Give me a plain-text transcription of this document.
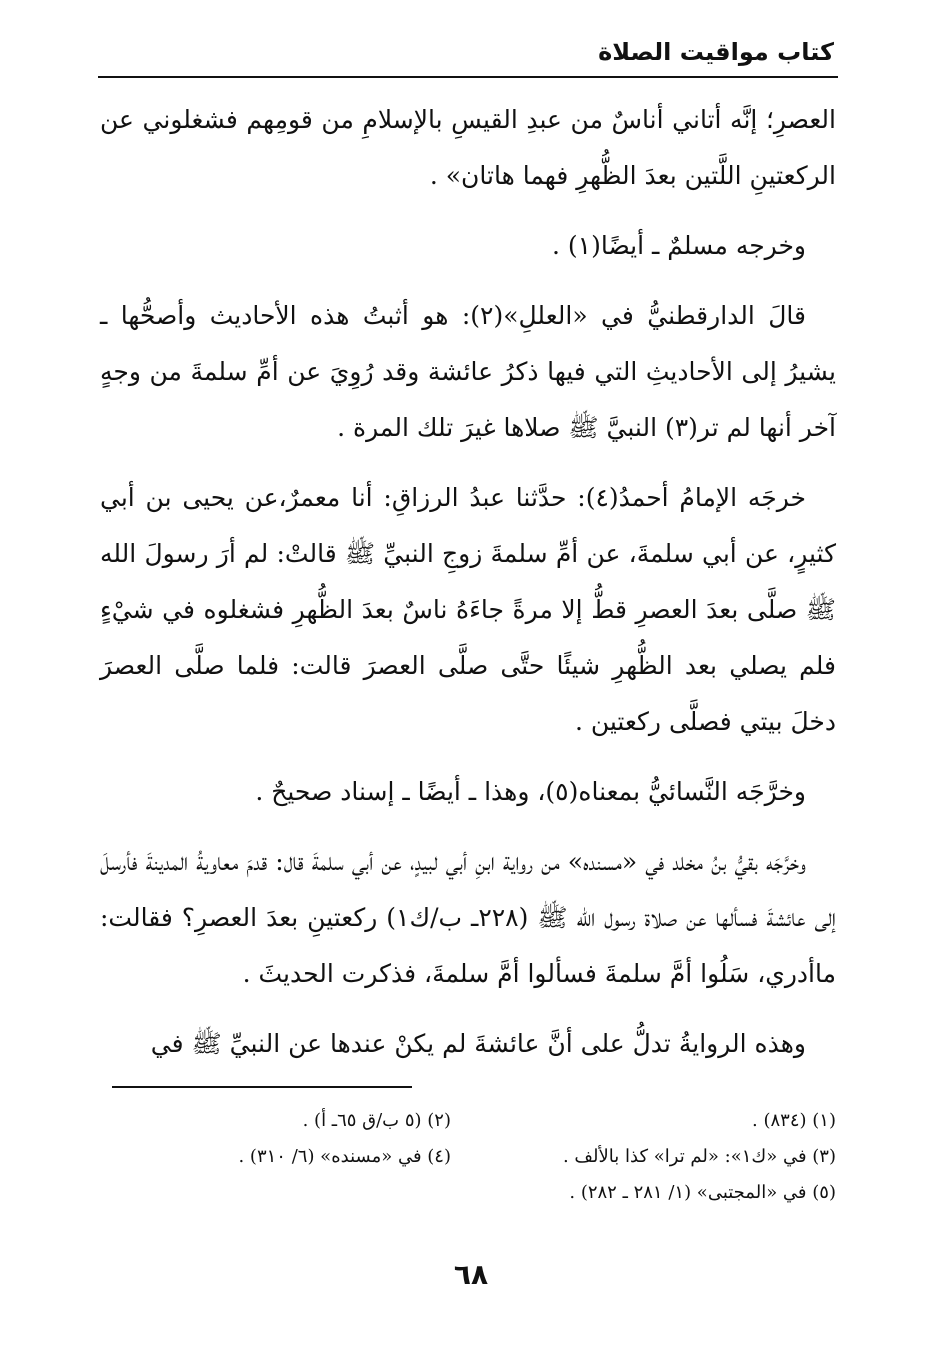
كتاب مواقيت الصلاة

العصرِ؛ إنَّه أتاني أناسٌ من عبدِ القيسِ بالإسلامِ من قومِهم فشغلوني عن الركعتينِ اللَّتين بعدَ الظُّهرِ فهما هاتان» .

وخرجه مسلمٌ ـ أيضًا(١) .

قالَ الدارقطنيُّ في «العللِ»(٢): هو أثبتُ هذه الأحاديث وأصحُّها ـ يشيرُ إلى الأحاديثِ التي فيها ذكرُ عائشة وقد رُوِيَ عن أمِّ سلمةَ من وجهٍ آخر أنها لم تر(٣) النبيَّ ﷺ صلاها غيرَ تلك المرة .

خرجَه الإمامُ أحمدُ(٤): حدَّثنا عبدُ الرزاقِ: أنا معمرٌ،عن يحيى بن أبي كثيرٍ، عن أبي سلمةَ، عن أمِّ سلمةَ زوجِ النبيِّ ﷺ قالتْ: لم أرَ رسولَ الله ﷺ صلَّى بعدَ العصرِ قطُّ إلا مرةً جاءَهُ ناسٌ بعدَ الظُّهرِ فشغلوه في شيْءٍ فلم يصلي بعد الظُّهرِ شيئًا حتَّى صلَّى العصرَ قالت: فلما صلَّى العصرَ دخلَ بيتي فصلَّى ركعتين .

وخرَّجَه النَّسائيُّ بمعناه(٥)، وهذا ـ أيضًا ـ إسناد صحيحٌ .

وخرَّجَه بقيُّ بنُ مخلد في «مسنده» من رواية ابنِ أبي لبيدٍ، عن أبي سلمةَ قال: قدمَ معاويةُ المدينةَ فأرسلَ إلى عائشةَ فسألها عن صلاة رسول الله ﷺ (٢٢٨ـ ب/ك١) ركعتينِ بعدَ العصرِ؟ فقالت: ماأدري، سَلُوا أمَّ سلمةَ فسألوا أمَّ سلمةَ، فذكرت الحديثَ .

وهذه الروايةُ تدلُّ على أنَّ عائشةَ لم يكنْ عندها عن النبيِّ ﷺ في

(١) (٨٣٤) .
(٢) (٥ ب/ق ٦٥ـ أ) .
(٣) في «ك١»: «لم ترا» كذا بالألف .
(٤) في «مسنده» (٦/ ٣١٠) .
(٥) في «المجتبى» (١/ ٢٨١ ـ ٢٨٢) .
٦٨
